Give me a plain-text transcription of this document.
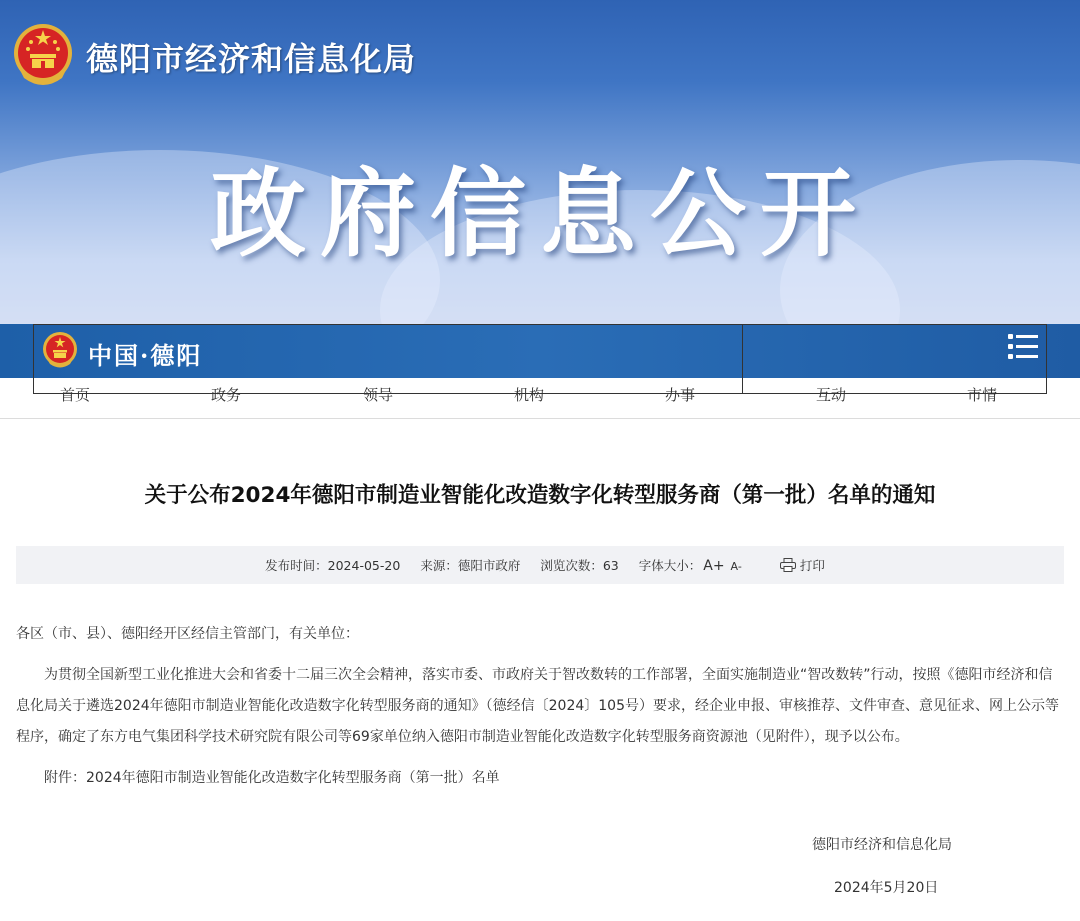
德阳市经济和信息化局
政府信息公开
中国·德阳
首页	政务	领导	机构	办事	互动	市情
关于公布2024年德阳市制造业智能化改造数字化转型服务商（第一批）名单的通知
发布时间：2024-05-20 来源：德阳市政府 浏览次数：63 字体大小： A+ A-	打印

各区（市、县）、德阳经开区经信主管部门，有关单位：

为贯彻全国新型工业化推进大会和省委十二届三次全会精神，落实市委、市政府关于智改数转的工作部署，全面实施制造业“智改数转”行动，按照《德阳市经济和信息化局关于遴选2024年德阳市制造业智能化改造数字化转型服务商的通知》（德经信〔2024〕105号）要求，经企业申报、审核推荐、文件审查、意见征求、网上公示等程序，确定了东方电气集团科学技术研究院有限公司等69家单位纳入德阳市制造业智能化改造数字化转型服务商资源池（见附件），现予以公布。

附件：2024年德阳市制造业智能化改造数字化转型服务商（第一批）名单

德阳市经济和信息化局
2024年5月20日
